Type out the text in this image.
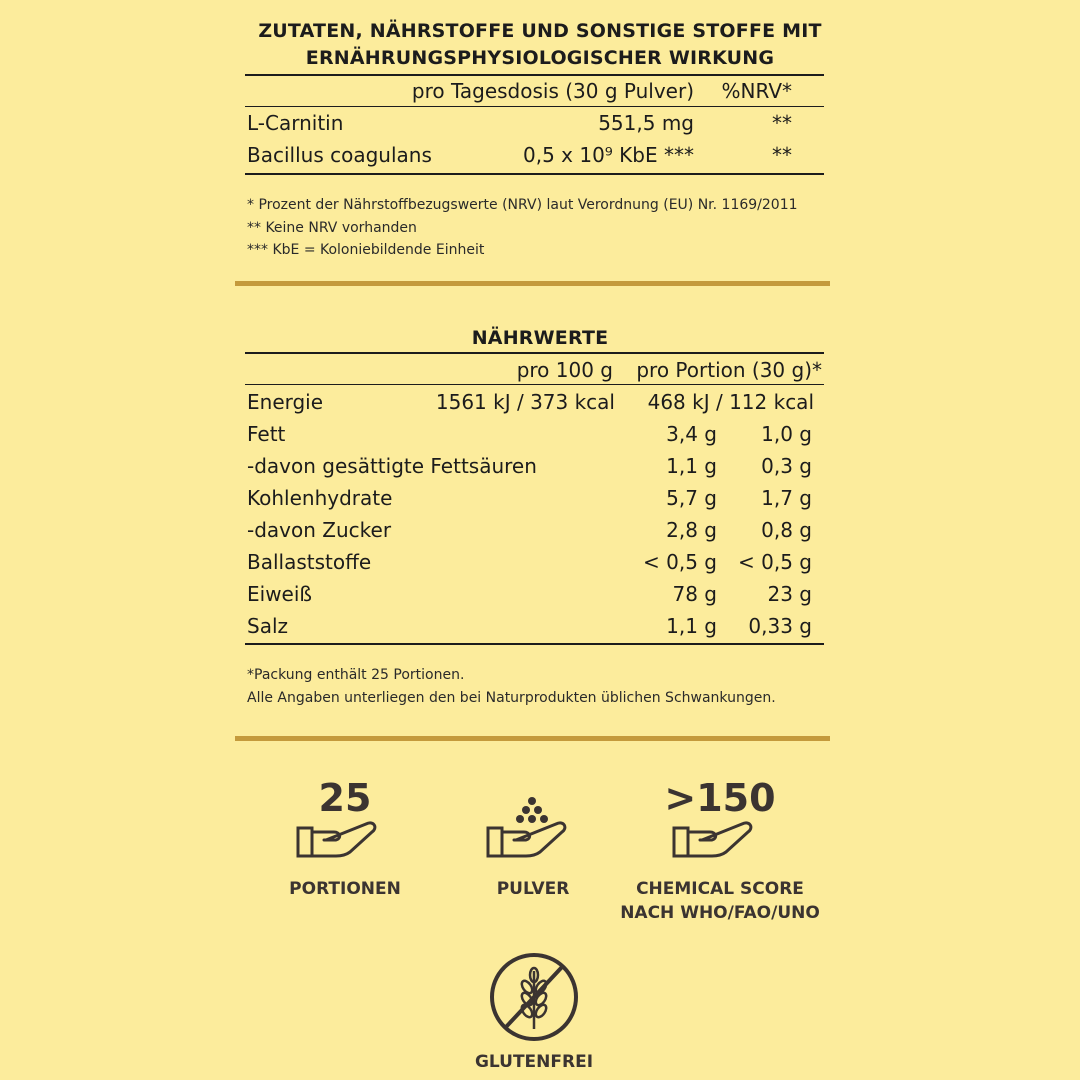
ZUTATEN, NÄHRSTOFFE UND SONSTIGE STOFFE MIT
ERNÄHRUNGSPHYSIOLOGISCHER WIRKUNG
pro Tagesdosis (30 g Pulver) %NRV*
L-Carnitin	551,5 mg	**
Bacillus coagulans	0,5 x 10⁹ KbE ***	**
* Prozent der Nährstoffbezugswerte (NRV) laut Verordnung (EU) Nr. 1169/2011
** Keine NRV vorhanden
*** KbE = Koloniebildende Einheit
NÄHRWERTE
pro 100 g pro Portion (30 g)*
Energie	1561 kJ / 373 kcal 468 kJ / 112 kcal
Fett	3,4 g 1,0 g
-davon gesättigte Fettsäuren	1,1 g 0,3 g
Kohlenhydrate	5,7 g 1,7 g
-davon Zucker	2,8 g 0,8 g
Ballaststoffe	< 0,5 g < 0,5 g
Eiweiß	78 g	23 g
Salz	1,1 g 0,33 g
*Packung enthält 25 Portionen.
Alle Angaben unterliegen den bei Naturprodukten üblichen Schwankungen.
25
PORTIONEN	PULVER
>150
CHEMICAL SCORE
NACH WHO/FAO/UNO
GLUTENFREI
